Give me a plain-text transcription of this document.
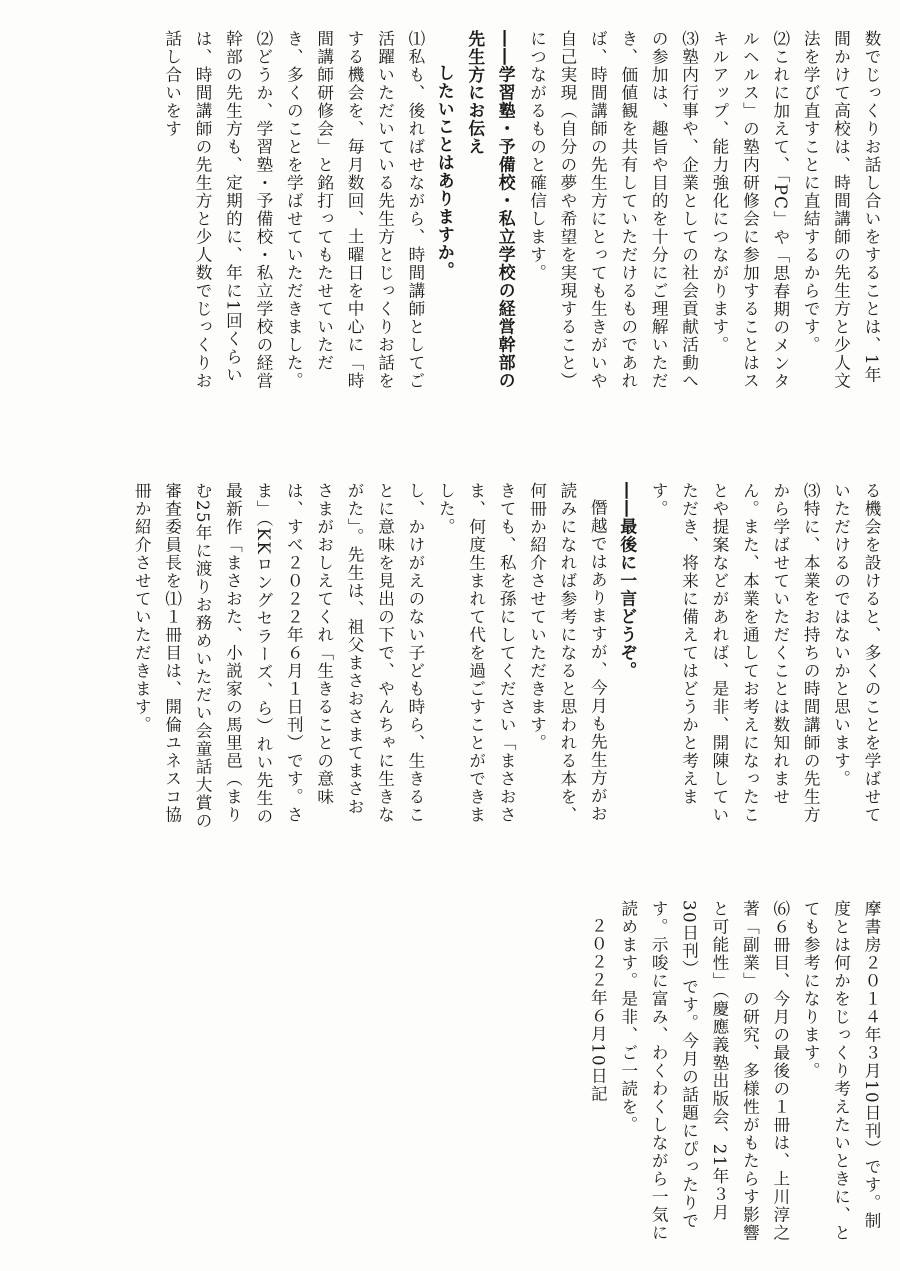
数でじっくりお話し合いをすることは、1年間かけて高校は、時間講師の先生方と少人文法を学び直すことに直結するからです。

⑵これに加えて、「PC」や「思春期のメンタルヘルス」の塾内研修会に参加することはスキルアップ、能力強化につながります。

⑶塾内行事や、企業としての社会貢献活動への参加は、趣旨や目的を十分にご理解いただき、価値観を共有していただけるものであれば、時間講師の先生方にとっても生きがいや自己実現（自分の夢や希望を実現すること）につながるものと確信します。

――学習塾・予備校・私立学校の経営幹部の先生方にお伝え

したいことはありますか。

⑴私も、後ればせながら、時間講師としてご活躍いただいている先生方とじっくりお話をする機会を、毎月数回、土曜日を中心に「時間講師研修会」と銘打ってもたせていただき、多くのことを学ばせていただきました。

⑵どうか、学習塾・予備校・私立学校の経営幹部の先生方も、定期的に、年に1回くらいは、時間講師の先生方と少人数でじっくりお話し合いをす

る機会を設けると、多くのことを学ばせていただけるのではないかと思います。

⑶特に、本業をお持ちの時間講師の先生方から学ばせていただくことは数知れません。また、本業を通してお考えになったことや提案などがあれば、是非、開陳していただき、将来に備えてはどうかと考えます。

――最後に一言どうぞ。

僭越ではありますが、今月も先生方がお読みになれば参考になると思われる本を、何冊か紹介させていただきます。

きても、私を孫にしてください「まさおさま、何度生まれて代を過ごすことができました。

し、かけがえのない子ども時ら、生きることに意味を見出の下で、やんちゃに生きながた」。先生は、祖父まさおさまてまさおさまがおしえてくれ「生きることの意味は、すべ２０２２年６月１日刊）です。さま」（KKロングセラーズ、ら）れい先生の最新作「まさおた、小説家の馬里邑（まりむ25年に渡りお務めいただい会童話大賞の審査委員長を⑴１冊目は、開倫ユネスコ協冊か紹介させていただきます。

摩書房２０１４年３月10日刊）です。制度とは何かをじっくり考えたいときに、とても参考になります。

⑹６冊目、今月の最後の１冊は、上川淳之著「副業」の研究、多様性がもたらす影響と可能性」（慶應義塾出版会、21年３月30日刊）です。今月の話題にぴったりです。示唆に富み、わくわくしながら一気に読めます。是非、ご一読を。

２０２２年６月10日記
